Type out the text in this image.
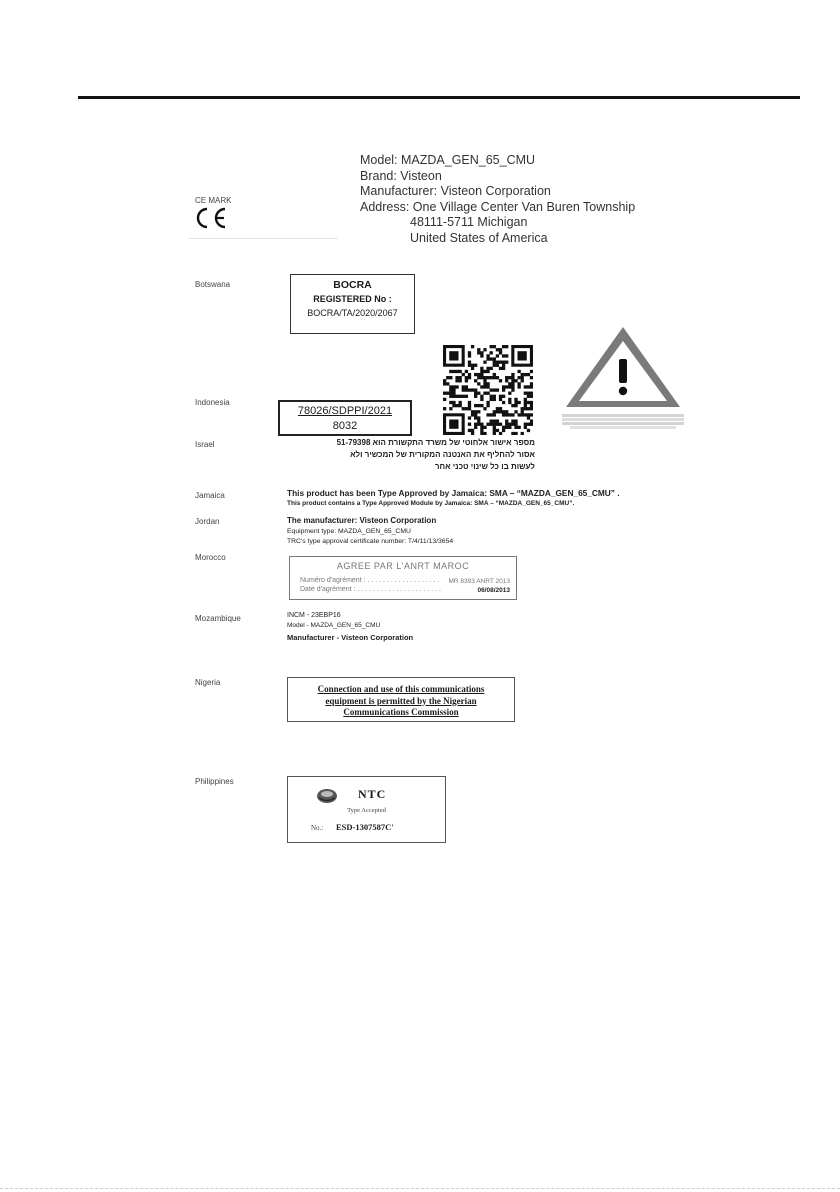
Model: MAZDA_GEN_65_CMU
Brand: Visteon
Manufacturer: Visteon Corporation
Address: One Village Center Van Buren Township
48111-5711 Michigan
United States of America
CE MARK
Botswana
Indonesia
Israel
Jamaica
Jordan
Morocco
Mozambique
Nigeria
Philippines
BOCRA
REGISTERED No :
BOCRA/TA/2020/2067
78026/SDPPI/2021
8032
מספר אישור אלחוטי של משרד התקשורת הוא 51-79398
אסור להחליף את האנטנה המקורית של המכשיר ולא
לעשות בו כל שינוי טכני אחר
This product has been Type Approved by Jamaica: SMA – “MAZDA_GEN_65_CMU” .
This product contains a Type Approved Module by Jamaica: SMA – “MAZDA_GEN_65_CMU”.
The manufacturer: Visteon Corporation
Equipment type: MAZDA_GEN_65_CMU
TRC's type approval certificate number: T/4/11/13/3654
AGREE PAR L'ANRT MAROC
Numéro d'agrément : . . . . . . . . . . . . . . . . . . . MR 8393 ANRT 2013
Date d'agrément : . . . . . . . . . . . . . . . . . . . . . .	06/08/2013
INCM - 23EBP16
Model - MAZDA_GEN_65_CMU
Manufacturer - Visteon Corporation
Connection and use of this communications
equipment is permitted by the Nigerian
Communications Commission
NTC
Type Accepted
No.: ESD-1307587C'
